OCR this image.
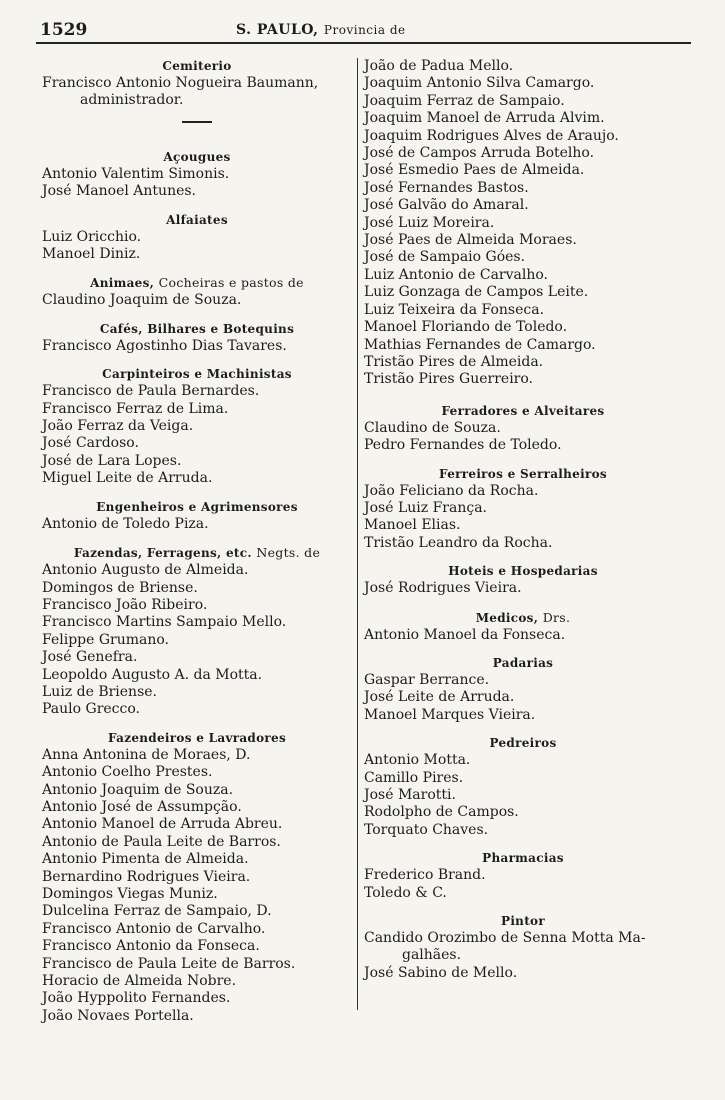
1529	S. PAULO, Provincia de
Cemiterio
Francisco Antonio Nogueira Baumann,
administrador.
Açougues
Antonio Valentim Simonis.
José Manoel Antunes.
Alfaiates
Luiz Oricchio.
Manoel Diniz.
Animaes, Cocheiras e pastos de
Claudino Joaquim de Souza.
Cafés, Bilhares e Botequins
Francisco Agostinho Dias Tavares.
Carpinteiros e Machinistas
Francisco de Paula Bernardes.
Francisco Ferraz de Lima.
João Ferraz da Veiga.
José Cardoso.
José de Lara Lopes.
Miguel Leite de Arruda.
Engenheiros e Agrimensores
Antonio de Toledo Piza.
Fazendas, Ferragens, etc. Negts. de
Antonio Augusto de Almeida.
Domingos de Briense.
Francisco João Ribeiro.
Francisco Martins Sampaio Mello.
Felippe Grumano.
José Genefra.
Leopoldo Augusto A. da Motta.
Luiz de Briense.
Paulo Grecco.
Fazendeiros e Lavradores
Anna Antonina de Moraes, D.
Antonio Coelho Prestes.
Antonio Joaquim de Souza.
Antonio José de Assumpção.
Antonio Manoel de Arruda Abreu.
Antonio de Paula Leite de Barros.
Antonio Pimenta de Almeida.
Bernardino Rodrigues Vieira.
Domingos Viegas Muniz.
Dulcelina Ferraz de Sampaio, D.
Francisco Antonio de Carvalho.
Francisco Antonio da Fonseca.
Francisco de Paula Leite de Barros.
Horacio de Almeida Nobre.
João Hyppolito Fernandes.
João Novaes Portella.
João de Padua Mello.
Joaquim Antonio Silva Camargo.
Joaquim Ferraz de Sampaio.
Joaquim Manoel de Arruda Alvim.
Joaquim Rodrigues Alves de Araujo.
José de Campos Arruda Botelho.
José Esmedio Paes de Almeida.
José Fernandes Bastos.
José Galvão do Amaral.
José Luiz Moreira.
José Paes de Almeida Moraes.
José de Sampaio Góes.
Luiz Antonio de Carvalho.
Luiz Gonzaga de Campos Leite.
Luiz Teixeira da Fonseca.
Manoel Floriando de Toledo.
Mathias Fernandes de Camargo.
Tristão Pires de Almeida.
Tristão Pires Guerreiro.
Ferradores e Alveitares
Claudino de Souza.
Pedro Fernandes de Toledo.
Ferreiros e Serralheiros
João Feliciano da Rocha.
José Luiz França.
Manoel Elias.
Tristão Leandro da Rocha.
Hoteis e Hospedarias
José Rodrigues Vieira.
Medicos, Drs.
Antonio Manoel da Fonseca.
Padarias
Gaspar Berrance.
José Leite de Arruda.
Manoel Marques Vieira.
Pedreiros
Antonio Motta.
Camillo Pires.
José Marotti.
Rodolpho de Campos.
Torquato Chaves.
Pharmacias
Frederico Brand.
Toledo & C.
Pintor
Candido Orozimbo de Senna Motta Ma-
galhães.
José Sabino de Mello.
